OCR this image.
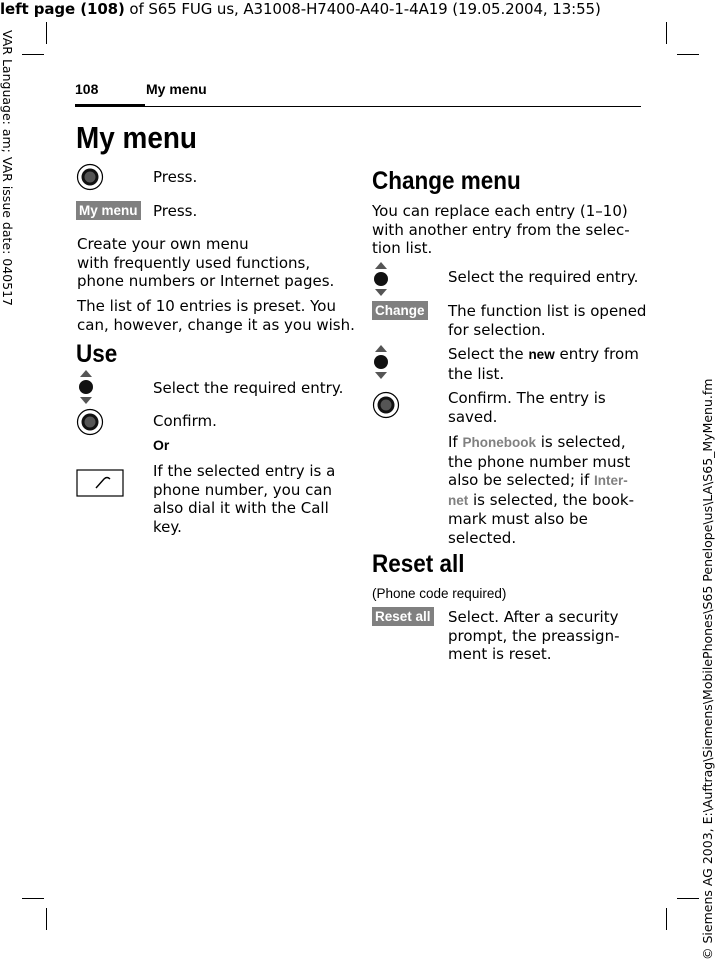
left page (108) of S65 FUG us, A31008-H7400-A40-1-4A19 (19.05.2004, 13:55)
VAR Language: am; VAR issue date: 040517
© Siemens AG 2003, E:\Auftrag\Siemens\MobilePhones\S65 Penelope\us\LA\S65_MyMenu.fm
108	My menu
My menu
Press.
My menu Press.
Create your own menu
with frequently used functions,
phone numbers or Internet pages.
The list of 10 entries is preset. You
can, however, change it as you wish.
Use
Select the required entry.
Confirm.
Or
If the selected entry is a
phone number, you can
also dial it with the Call
key.
Change menu
You can replace each entry (1–10)
with another entry from the selec-
tion list.
Select the required entry.
Change The function list is opened
for selection.
Select the new entry from
the list.
Confirm. The entry is
saved.
If Phonebook is selected,
the phone number must
also be selected; if Inter-
net is selected, the book-
mark must also be
selected.
Reset all
(Phone code required)
Reset all Select. After a security
prompt, the preassign-
ment is reset.
